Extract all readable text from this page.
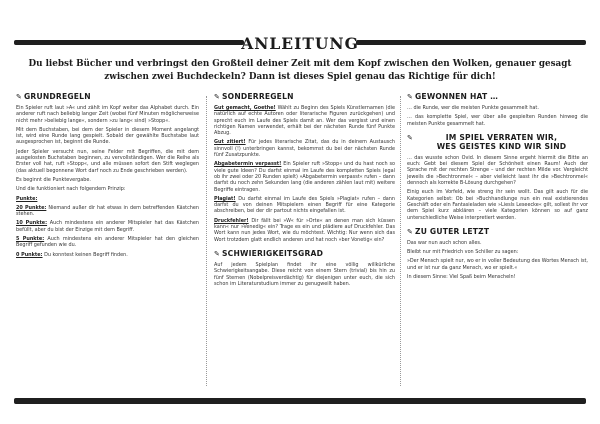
ANLEITUNG
Du liebst Bücher und verbringst den Großteil deiner Zeit mit dem Kopf zwischen den Wolken, genauer gesagt zwischen zwei Buchdeckeln? Dann ist dieses Spiel genau das Richtige für dich!
✎ GRUNDREGELN

Ein Spieler ruft laut »A« und zählt im Kopf weiter das Alphabet durch. Ein anderer ruft nach beliebig langer Zeit (wobei fünf Minuten möglicherweise nicht mehr »beliebig lange«, sondern »zu lang« sind) »Stopp«.

Mit dem Buchstaben, bei dem der Spieler in diesem Moment angelangt ist, wird eine Runde lang gespielt. Sobald der gewählte Buchstabe laut ausgesprochen ist, beginnt die Runde.

Jeder Spieler versucht nun, seine Felder mit Begriffen, die mit dem ausgelosten Buchstaben beginnen, zu vervollständigen. Wer die Reihe als Erster voll hat, ruft »Stopp«, und alle müssen sofort den Stift weglegen (das aktuell begonnene Wort darf noch zu Ende geschrieben werden).

Es beginnt die Punktevergabe.

Und die funktioniert nach folgendem Prinzip:

Punkte:

20 Punkte: Niemand außer dir hat etwas in dem betreffenden Kästchen stehen.

10 Punkte: Auch mindestens ein anderer Mitspieler hat das Kästchen befüllt, aber du bist der Einzige mit dem Begriff.

5 Punkte: Auch mindestens ein anderer Mitspieler hat den gleichen Begriff gefunden wie du.

0 Punkte: Du konntest keinen Begriff finden.

✎ SONDERREGELN

Gut gemacht, Goethe! Wählt zu Beginn des Spiels Künstlernamen (die natürlich auf echte Autoren oder literarische Figuren zurückgehen) und sprecht euch im Laufe des Spiels damit an. Wer das vergisst und einen richtigen Namen verwendet, erhält bei der nächsten Runde fünf Punkte Abzug.

Gut zitiert! Für jedes literarische Zitat, das du in deinem Austausch sinnvoll (!) unterbringen kannst, bekommst du bei der nächsten Runde fünf Zusatzpunkte.

Abgabetermin verpasst! Ein Spieler ruft »Stopp« und du hast noch so viele gute Ideen? Du darfst einmal im Laufe des kompletten Spiels (egal ob ihr zwei oder 20 Runden spielt) »Abgabetermin verpasst« rufen – dann darfst du noch zehn Sekunden lang (die anderen zählen laut mit) weitere Begriffe eintragen.

Plagiat! Du darfst einmal im Laufe des Spiels »Plagiat« rufen – dann darfst du von deinen Mitspielern einen Begriff für eine Kategorie abschreiben, bei der dir partout nichts eingefallen ist.

Druckfehler! Dir fällt bei »W« für »Orte« an denen man sich küssen kann« nur »Venedig« ein? Trage es ein und plädiere auf Druckfehler. Das Wort kann nun jedes Wort, wie du möchtest. Wichtig: Nur wenn sich das Wort trotzdem glatt endlich anderen und hat noch »ber Vonetig« ein?

✎ SCHWIERIGKEITSGRAD

Auf jedem Spielplan findet ihr eine völlig willkürliche Schwierigkeitsangabe. Diese reicht von einem Stern (trivial) bis hin zu fünf Sternen (Nobelpreisverdächtig) für diejenigen unter euch, die sich schon im Literaturstudium immer zu genugweilt haben.

✎ GEWONNEN HAT …

… die Runde, wer die meisten Punkte gesammelt hat.

… das komplette Spiel, wer über alle gespielten Runden hinweg die meisten Punkte gesammelt hat.

✎	IM SPIEL VERRATEN WIR,
WES GEISTES KIND WIR SIND

… das wusste schon Ovid. In diesem Sinne ergeht hiermit die Bitte an euch: Gebt bei diesem Spiel der Schönheit einen Raum! Auch der Sprache mit der rechten Strenge – und der rechten Milde vor. Vergleicht jeweils die »Bechtronmel« – aber vielleicht lasst ihr die »Bechtronmel« dennoch als korrekte B-Lösung durchgehen?

Einig euch im Vorfeld, wie streng ihr sein wollt. Das gilt auch für die Kategorien selbst: Ob bei »Buchhandlunge nun ein real existierendes Geschäft oder ein Fantasieladen wie »Liesls Leseecke« gilt, sollest ihr vor dem Spiel kurz abklären – viele Kategorien können so auf ganz unterschiedliche Weise interpretiert werden.

✎ ZU GUTER LETZT

Das war nun auch schon alles.

Bleibt nur mit Friedrich von Schiller zu sagen:

»Der Mensch spielt nur, wo er in voller Bedeutung des Wortes Mensch ist, und er ist nur da ganz Mensch, wo er spielt.«

In diesem Sinne: Viel Spaß beim Menscheln!
